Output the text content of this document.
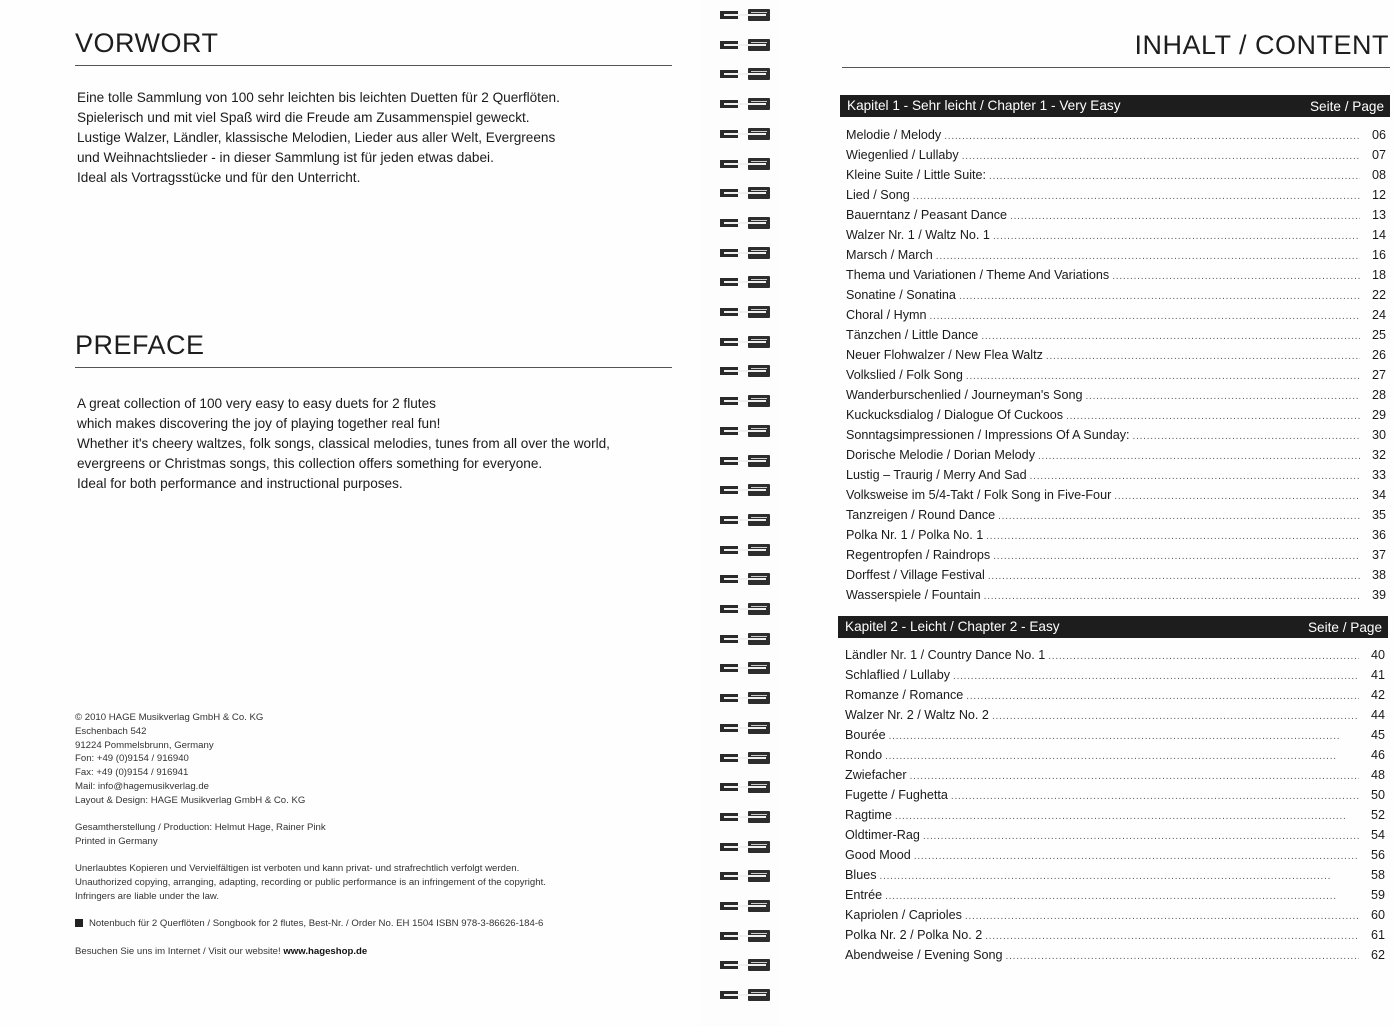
VORWORT
Eine tolle Sammlung von 100 sehr leichten bis leichten Duetten für 2 Querflöten.
Spielerisch und mit viel Spaß wird die Freude am Zusammenspiel geweckt.
Lustige Walzer, Ländler, klassische Melodien, Lieder aus aller Welt, Evergreens
und Weihnachtslieder - in dieser Sammlung ist für jeden etwas dabei.
Ideal als Vortragsstücke und für den Unterricht.
PREFACE
A great collection of 100 very easy to easy duets for 2 flutes
which makes discovering the joy of playing together real fun!
Whether it's cheery waltzes, folk songs, classical melodies, tunes from all over the world,
evergreens or Christmas songs, this collection offers something for everyone.
Ideal for both performance and instructional purposes.
© 2010 HAGE Musikverlag GmbH & Co. KG
Eschenbach 542
91224 Pommelsbrunn, Germany
Fon: +49 (0)9154 / 916940
Fax: +49 (0)9154 / 916941
Mail: info@hagemusikverlag.de
Layout & Design: HAGE Musikverlag GmbH & Co. KG
Gesamtherstellung / Production: Helmut Hage, Rainer Pink
Printed in Germany
Unerlaubtes Kopieren und Vervielfältigen ist verboten und kann privat- und strafrechtlich verfolgt werden.
Unauthorized copying, arranging, adapting, recording or public performance is an infringement of the copyright.
Infringers are liable under the law.
Notenbuch für 2 Querflöten / Songbook for 2 flutes, Best-Nr. / Order No. EH 1504 ISBN 978-3-86626-184-6
Besuchen Sie uns im Internet / Visit our website! www.hageshop.de
INHALT / CONTENT
Kapitel 1 - Sehr leicht / Chapter 1 - Very Easy	Seite / Page
Melodie / Melody . . .	06
Wiegenlied / Lullaby . . .	07
Kleine Suite / Little Suite: . . .	08
Lied / Song . . .	12
Bauerntanz / Peasant Dance . . .	13
Walzer Nr. 1 / Waltz No. 1 . . .	14
Marsch / March . . .	16
Thema und Variationen / Theme And Variations . . .	18
Sonatine / Sonatina . . .	22
Choral / Hymn . . .	24
Tänzchen / Little Dance . . .	25
Neuer Flohwalzer / New Flea Waltz . . .	26
Volkslied / Folk Song . . .	27
Wanderburschenlied / Journeyman's Song . . .	28
Kuckucksdialog / Dialogue Of Cuckoos . . .	29
Sonntagsimpressionen / Impressions Of A Sunday: . . .	30
Dorische Melodie / Dorian Melody . . .	32
Lustig – Traurig / Merry And Sad . . .	33
Volksweise im 5/4-Takt / Folk Song in Five-Four . . .	34
Tanzreigen / Round Dance . . .	35
Polka Nr. 1 / Polka No. 1 . . .	36
Regentropfen / Raindrops . . .	37
Dorffest / Village Festival . . .	38
Wasserspiele / Fountain . . .	39
Kapitel 2 - Leicht / Chapter 2 - Easy	Seite / Page
Ländler Nr. 1 / Country Dance No. 1 . . .	40
Schlaflied / Lullaby . . .	41
Romanze / Romance . . .	42
Walzer Nr. 2 / Waltz No. 2 . . .	44
Bourée . . .	45
Rondo . . .	46
Zwiefacher . . .	48
Fugette / Fughetta . . .	50
Ragtime . . .	52
Oldtimer-Rag . . .	54
Good Mood . . .	56
Blues . . .	58
Entrée . . .	59
Kapriolen / Caprioles . . .	60
Polka Nr. 2 / Polka No. 2 . . .	61
Abendweise / Evening Song . . .	62
